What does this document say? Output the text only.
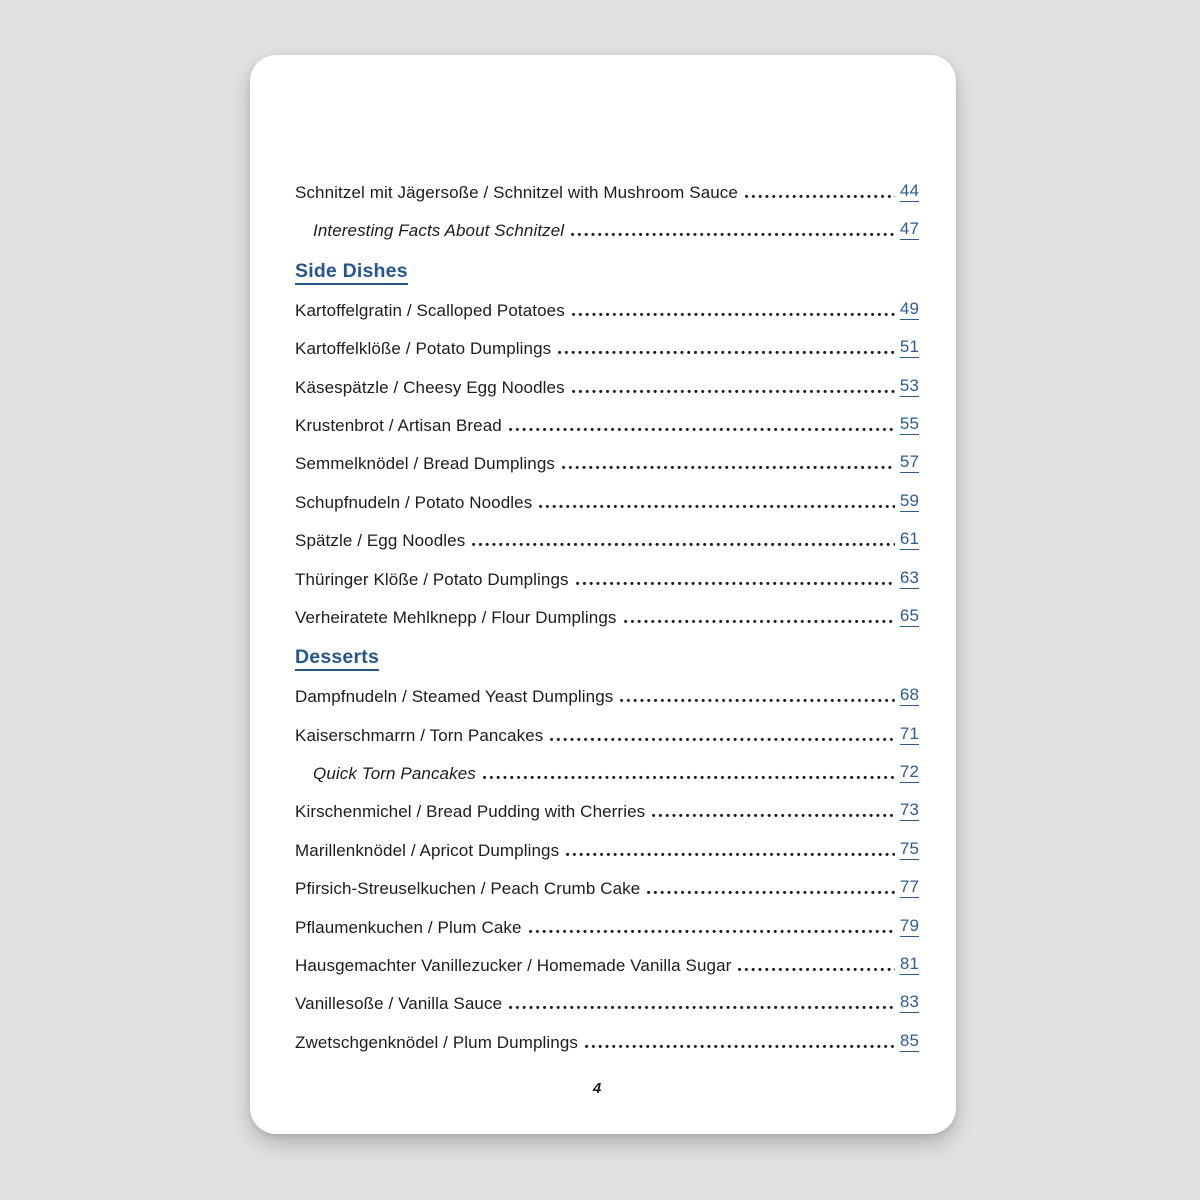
Schnitzel mit Jägersoße / Schnitzel with Mushroom Sauce	44
Interesting Facts About Schnitzel	47
Side Dishes
Kartoffelgratin / Scalloped Potatoes	49
Kartoffelklöße / Potato Dumplings	51
Käsespätzle / Cheesy Egg Noodles	53
Krustenbrot / Artisan Bread	55
Semmelknödel / Bread Dumplings	57
Schupfnudeln / Potato Noodles	59
Spätzle / Egg Noodles	61
Thüringer Klöße / Potato Dumplings	63
Verheiratete Mehlknepp / Flour Dumplings	65
Desserts
Dampfnudeln / Steamed Yeast Dumplings	68
Kaiserschmarrn / Torn Pancakes	71
Quick Torn Pancakes	72
Kirschenmichel / Bread Pudding with Cherries	73
Marillenknödel / Apricot Dumplings	75
Pfirsich-Streuselkuchen / Peach Crumb Cake	77
Pflaumenkuchen / Plum Cake	79
Hausgemachter Vanillezucker / Homemade Vanilla Sugar	81
Vanillesoße / Vanilla Sauce	83
Zwetschgenknödel / Plum Dumplings	85
4
